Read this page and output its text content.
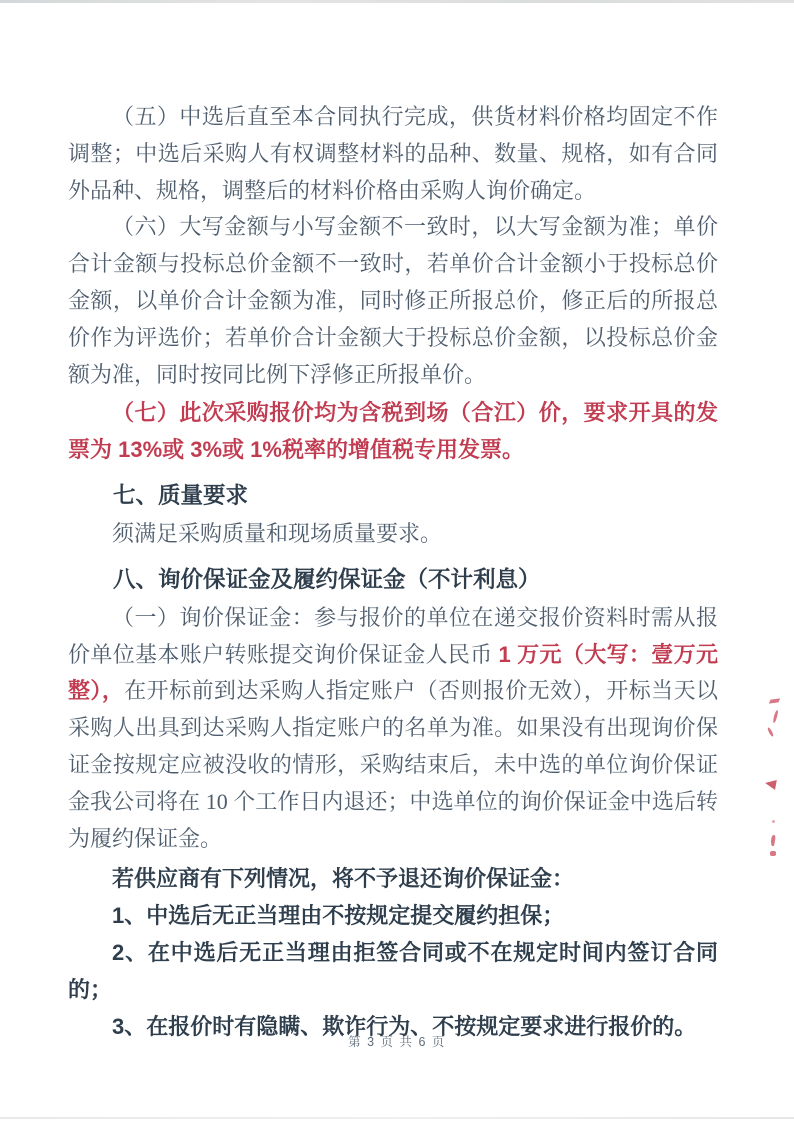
（五）中选后直至本合同执行完成，供货材料价格均固定不作调整；中选后采购人有权调整材料的品种、数量、规格，如有合同外品种、规格，调整后的材料价格由采购人询价确定。

（六）大写金额与小写金额不一致时，以大写金额为准；单价合计金额与投标总价金额不一致时，若单价合计金额小于投标总价金额，以单价合计金额为准，同时修正所报总价，修正后的所报总价作为评选价；若单价合计金额大于投标总价金额，以投标总价金额为准，同时按同比例下浮修正所报单价。

（七）此次采购报价均为含税到场（合江）价，要求开具的发票为 13%或 3%或 1%税率的增值税专用发票。

七、质量要求

须满足采购质量和现场质量要求。

八、询价保证金及履约保证金（不计利息）

（一）询价保证金：参与报价的单位在递交报价资料时需从报价单位基本账户转账提交询价保证金人民币 1 万元（大写：壹万元整），在开标前到达采购人指定账户（否则报价无效），开标当天以采购人出具到达采购人指定账户的名单为准。如果没有出现询价保证金按规定应被没收的情形，采购结束后，未中选的单位询价保证金我公司将在 10 个工作日内退还；中选单位的询价保证金中选后转为履约保证金。

若供应商有下列情况，将不予退还询价保证金：

1、中选后无正当理由不按规定提交履约担保；

2、在中选后无正当理由拒签合同或不在规定时间内签订合同的；

3、在报价时有隐瞒、欺诈行为、不按规定要求进行报价的。

第 3 页 共 6 页
